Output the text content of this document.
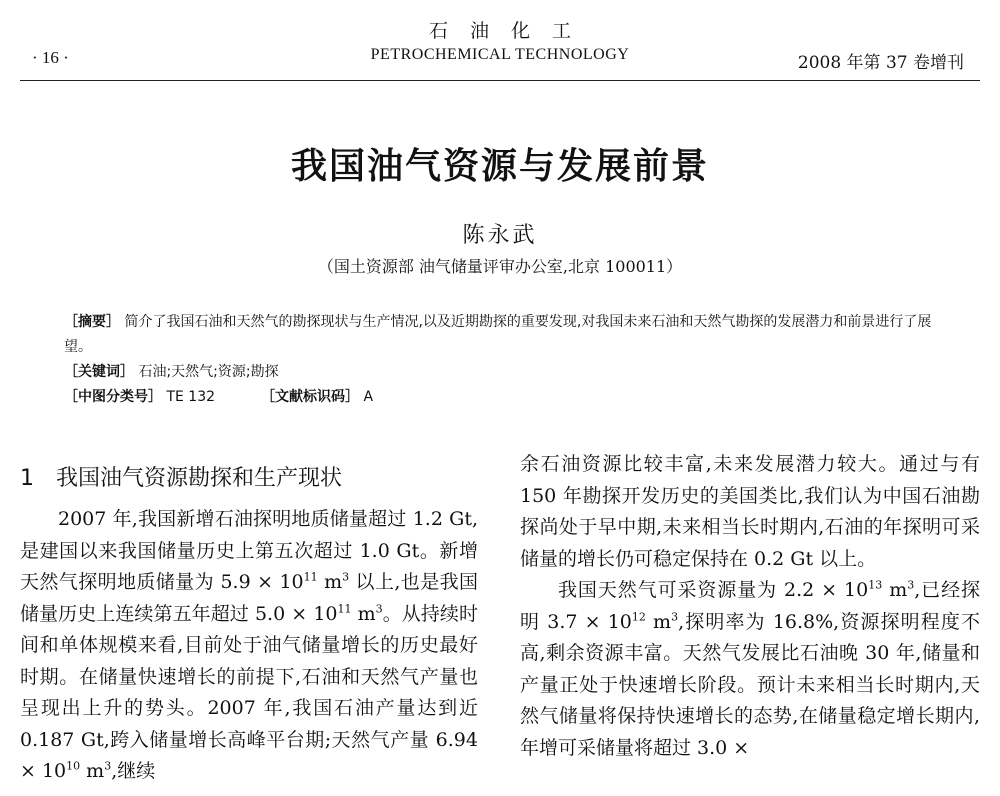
石油化工
· 16 ·	PETROCHEMICAL TECHNOLOGY	2008 年第 37 卷增刊
我国油气资源与发展前景
陈永武
（国土资源部 油气储量评审办公室,北京 100011）

［摘要］ 简介了我国石油和天然气的勘探现状与生产情况,以及近期勘探的重要发现,对我国未来石油和天然气勘探的发展潜力和前景进行了展望。

［关键词］ 石油;天然气;资源;勘探

［中图分类号］ TE 132	［文献标识码］ A

1 我国油气资源勘探和生产现状

2007 年,我国新增石油探明地质储量超过 1.2 Gt,是建国以来我国储量历史上第五次超过 1.0 Gt。新增天然气探明地质储量为 $5.9 \times 10^{11}$ $m^3$ 以上,也是我国储量历史上连续第五年超过 $5.0 \times 10^{11}$ $m^3$。从持续时间和单体规模来看,目前处于油气储量增长的历史最好时期。在储量快速增长的前提下,石油和天然气产量也呈现出上升的势头。2007 年,我国石油产量达到近 0.187 Gt,跨入储量增长高峰平台期;天然气产量 $6.94 \times 10^{10}$ $m^3$,继续

余石油资源比较丰富,未来发展潜力较大。通过与有 150 年勘探开发历史的美国类比,我们认为中国石油勘探尚处于早中期,未来相当长时期内,石油的年探明可采储量的增长仍可稳定保持在 0.2 Gt 以上。

我国天然气可采资源量为 $2.2 \times 10^{13}$ $m^3$,已经探明 $3.7 \times 10^{12}$ $m^3$,探明率为 16.8%,资源探明程度不高,剩余资源丰富。天然气发展比石油晚 30 年,储量和产量正处于快速增长阶段。预计未来相当长时期内,天然气储量将保持快速增长的态势,在储量稳定增长期内,年增可采储量将超过 3.0 ×
